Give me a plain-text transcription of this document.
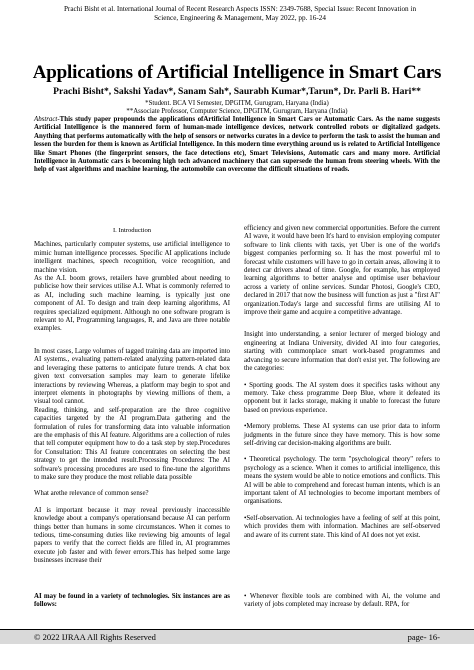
Prachi Bisht et al. International Journal of Recent Research Aspects ISSN: 2349-7688, Special Issue: Recent Innovation in
Science, Engineering & Management, May 2022, pp. 16-24
Applications of Artificial Intelligence in Smart Cars
Prachi Bisht*, Sakshi Yadav*, Sanam Sah*, Saurabh Kumar*,Tarun*, Dr. Parli B. Hari**
*Student. BCA VI Semester, DPGITM, Gurugram, Haryana (India)
**Associate Professor, Computer Science, DPGITM, Gurugram, Haryana (India)
Abstract-This study paper propounds the applications ofArtificial Intelligence in Smart Cars or Automatic Cars. As the name suggests Artificial Intelligence is the mannered form of human-made intelligence devices, network controlled robots or digitalized gadgets. Anything that performs automatically with the help of sensors or networks curates in a device to perform the task to assist the human and lessen the burden for them is known as Artificial Intelligence. In this modern time everything around us is related to Artificial Intelligence like Smart Phones (the fingerprint sensors, the face detections etc), Smart Televisions, Automatic cars and many more. Artificial Intelligence in Automatic cars is becoming high tech advanced machinery that can supersede the human from steering wheels. With the help of vast algorithms and machine learning, the automobile can overcome the difficult situations of roads.
I. Introduction

Machines, particularly computer systems, use artificial intelligence to mimic human intelligence processes. Specific AI applications include intelligent machines, speech recognition, voice recognition, and machine vision.

As the A.I. boom grows, retailers have grumbled about needing to publicise how their services utilise A.I. What is commonly referred to as AI, including such machine learning, is typically just one component of AI. To design and train deep learning algorithms, AI requires specialized equipment. Although no one software program is relevant to AI, Programming languages, R, and Java are three notable examples.

In most cases, Large volumes of tagged training data are imported into AI systems., evaluating pattern-related analyzing pattern-related data and leveraging these patterns to anticipate future trends. A chat box given text conversation samples may learn to generate lifelike interactions by reviewing Whereas, a platform may begin to spot and interpret elements in photographs by viewing millions of them, a visual tool cannot.

Reading, thinking, and self-preparation are the three cognitive capacities targeted by the AI program.Data gathering and the formulation of rules for transforming data into valuable information are the emphasis of this AI feature. Algorithms are a collection of rules that tell computer equipment how to do a task step by step.Procedures for Consultation: This AI feature concentrates on selecting the best strategy to get the intended result.Processing Procedures: The AI software's processing procedures are used to fine-tune the algorithms to make sure they produce the most reliable data possible

What arethe relevance of common sense?

AI is important because it may reveal previously inaccessible knowledge about a company's operationsand because AI can perform things better than humans in some circumstances. When it comes to tedious, time-consuming duties like reviewing big amounts of legal papers to verify that the correct fields are filled in, AI programmes execute job faster and with fewer errors.This has helped some large businesses increase their

efficiency and given new commercial opportunities. Before the current AI wave, it would have been It's hard to envision employing computer software to link clients with taxis, yet Uber is one of the world's biggest companies performing so. It has the most powerful ml to forecast while customers will have to go in certain areas, allowing it to detect car drivers ahead of time. Google, for example, has employed learning algorithms to better analyse and optimise user behaviour across a variety of online services. Sundar Photosi, Google's CEO, declared in 2017 that now the business will function as just a "first AI" organization.Today's large and successful firms are utilising AI to improve their game and acquire a competitive advantage.

Insight into understanding, a senior lecturer of merged biology and engineering at Indiana University, divided AI into four categories, starting with commonplace smart work-based programmes and advancing to secure information that don't exist yet. The following are the categories:

• Sporting goods. The AI system does it specifics tasks without any memory. Take chess programme Deep Blue, where it defeated its opponent but it lacks storage, making it unable to forecast the future based on previous experience.

•Memory problems. These AI systems can use prior data to inform judgments in the future since they have memory. This is how some self-driving car decision-making algorithms are built.

• Theoretical psychology. The term "psychological theory" refers to psychology as a science. When it comes to artificial intelligence, this means the system would be able to notice emotions and conflicts. This AI will be able to comprehend and forecast human intents, which is an important talent of AI technologies to become important members of organisations.

•Self-observation. Ai technologies have a feeling of self at this point, which provides them with information. Machines are self-observed and aware of its current state. This kind of AI does not yet exist.

AI may be found in a variety of technologies. Six instances are as follows:
• Whenever flexible tools are combined with Ai, the volume and variety of jobs completed may increase by default. RPA, for
© 2022 IJRAA All Rights Reserved	page- 16-
